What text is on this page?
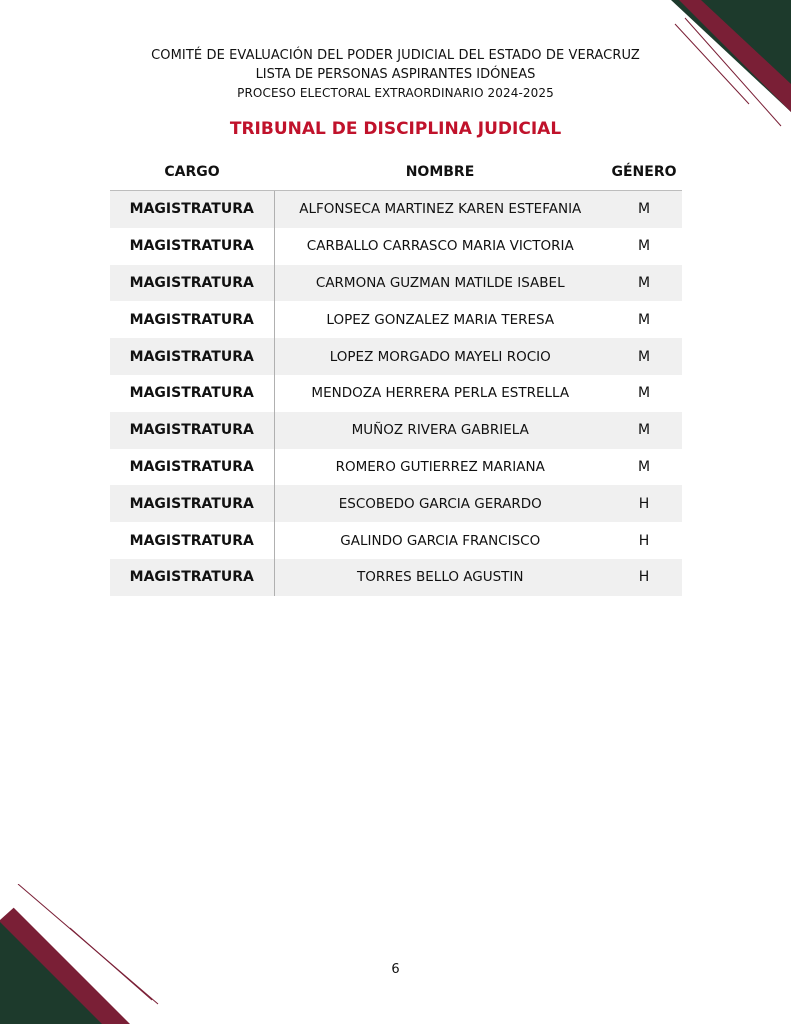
COMITÉ DE EVALUACIÓN DEL PODER JUDICIAL DEL ESTADO DE VERACRUZ
LISTA DE PERSONAS ASPIRANTES IDÓNEAS
PROCESO ELECTORAL EXTRAORDINARIO 2024-2025
TRIBUNAL DE DISCIPLINA JUDICIAL
CARGO	NOMBRE	GÉNERO
MAGISTRATURA	ALFONSECA MARTINEZ KAREN ESTEFANIA	M
MAGISTRATURA	CARBALLO CARRASCO MARIA VICTORIA	M
MAGISTRATURA	CARMONA GUZMAN MATILDE ISABEL	M
MAGISTRATURA	LOPEZ GONZALEZ MARIA TERESA	M
MAGISTRATURA	LOPEZ MORGADO MAYELI ROCIO	M
MAGISTRATURA	MENDOZA HERRERA PERLA ESTRELLA	M
MAGISTRATURA	MUÑOZ RIVERA GABRIELA	M
MAGISTRATURA	ROMERO GUTIERREZ MARIANA	M
MAGISTRATURA	ESCOBEDO GARCIA GERARDO	H
MAGISTRATURA	GALINDO GARCIA FRANCISCO	H
MAGISTRATURA	TORRES BELLO AGUSTIN	H
6
